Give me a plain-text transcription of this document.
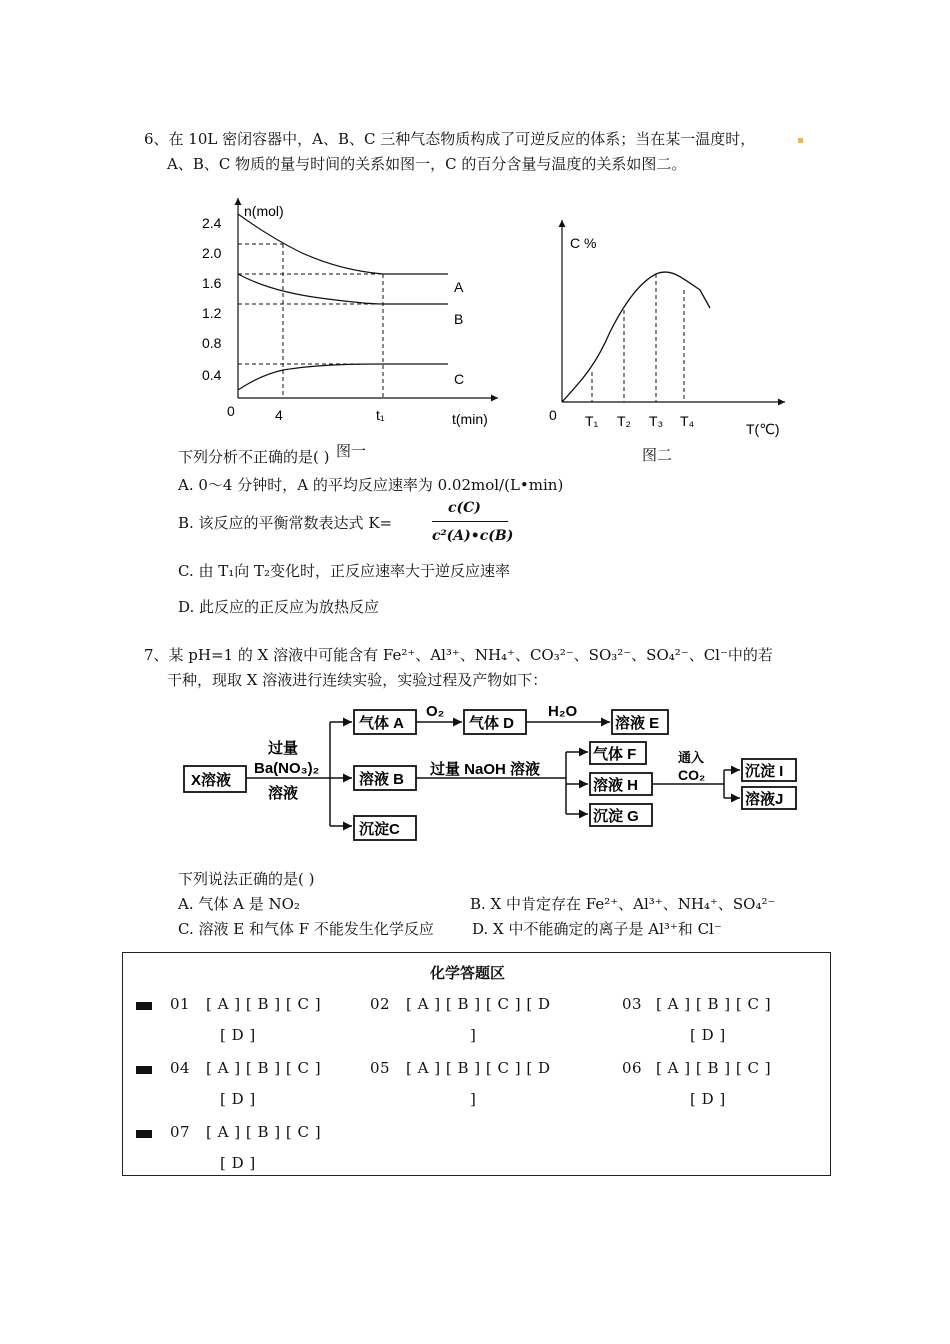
6、在 10L 密闭容器中，A、B、C 三种气态物质构成了可逆反应的体系；当在某一温度时，
A、B、C 物质的量与时间的关系如图一，C 的百分含量与温度的关系如图二。
n(mol)
t(min)
0	4	t₁
2.4
2.0
1.6
1.2
0.8
0.4
A
B
C
C %
0
T(℃)
T₁ T₂ T₃ T₄
下列分析不正确的是( ) 图一	图二
A. 0～4 分钟时，A 的平均反应速率为 0.02mol/(L•min)
B. 该反应的平衡常数表达式 K=
c(C)
c²(A)•c(B)
C. 由 T₁向 T₂变化时，正反应速率大于逆反应速率
D. 此反应的正反应为放热反应
7、某 pH=1 的 X 溶液中可能含有 Fe²⁺、Al³⁺、NH₄⁺、CO₃²⁻、SO₃²⁻、SO₄²⁻、Cl⁻中的若
干种，现取 X 溶液进行连续实验，实验过程及产物如下：
X溶液
过量
Ba(NO₃)₂
溶液
气体 A
O₂
气体 D
H₂O
溶液 E
溶液 B
过量 NaOH 溶液
气体 F
溶液 H
沉淀 G
沉淀C
通入
CO₂	沉淀 I
溶液J
下列说法正确的是( )
A. 气体 A 是 NO₂	B. X 中肯定存在 Fe²⁺、Al³⁺、NH₄⁺、SO₄²⁻
C. 溶液 E 和气体 F 不能发生化学反应	D. X 中不能确定的离子是 Al³⁺和 Cl⁻
化学答题区
01 [ A ] [ B ] [ C ]
[ D ]
02 [ A ] [ B ] [ C ] [ D
]
03 [ A ] [ B ] [ C ]
[ D ]
04 [ A ] [ B ] [ C ]
[ D ]
05 [ A ] [ B ] [ C ] [ D
]
06 [ A ] [ B ] [ C ]
[ D ]
07 [ A ] [ B ] [ C ]
[ D ]
